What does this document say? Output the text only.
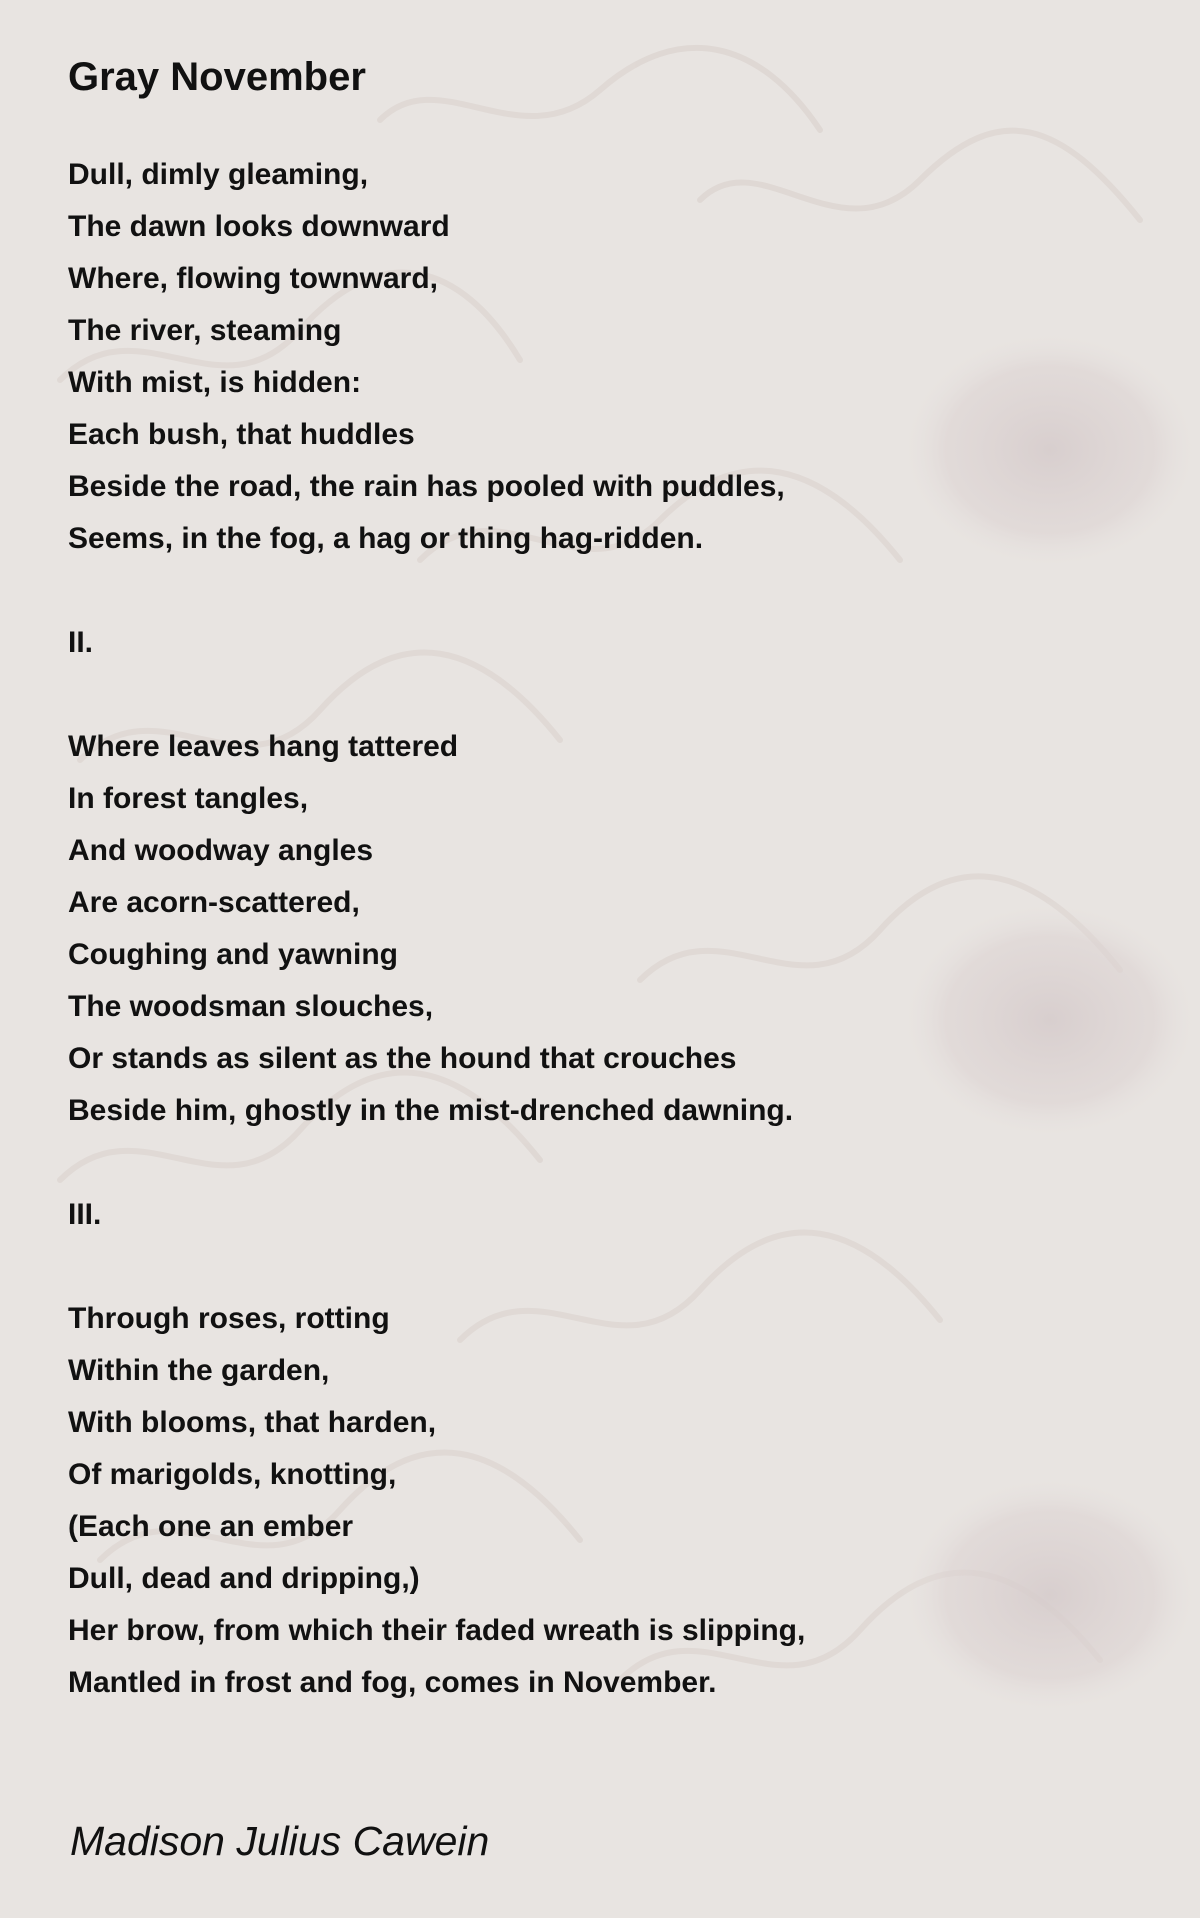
Gray November
Dull, dimly gleaming,
The dawn looks downward
Where, flowing townward,
The river, steaming
With mist, is hidden:
Each bush, that huddles
Beside the road, the rain has pooled with puddles,
Seems, in the fog, a hag or thing hag-ridden.
II.
Where leaves hang tattered
In forest tangles,
And woodway angles
Are acorn-scattered,
Coughing and yawning
The woodsman slouches,
Or stands as silent as the hound that crouches
Beside him, ghostly in the mist-drenched dawning.
III.
Through roses, rotting
Within the garden,
With blooms, that harden,
Of marigolds, knotting,
(Each one an ember
Dull, dead and dripping,)
Her brow, from which their faded wreath is slipping,
Mantled in frost and fog, comes in November.
Madison Julius Cawein
